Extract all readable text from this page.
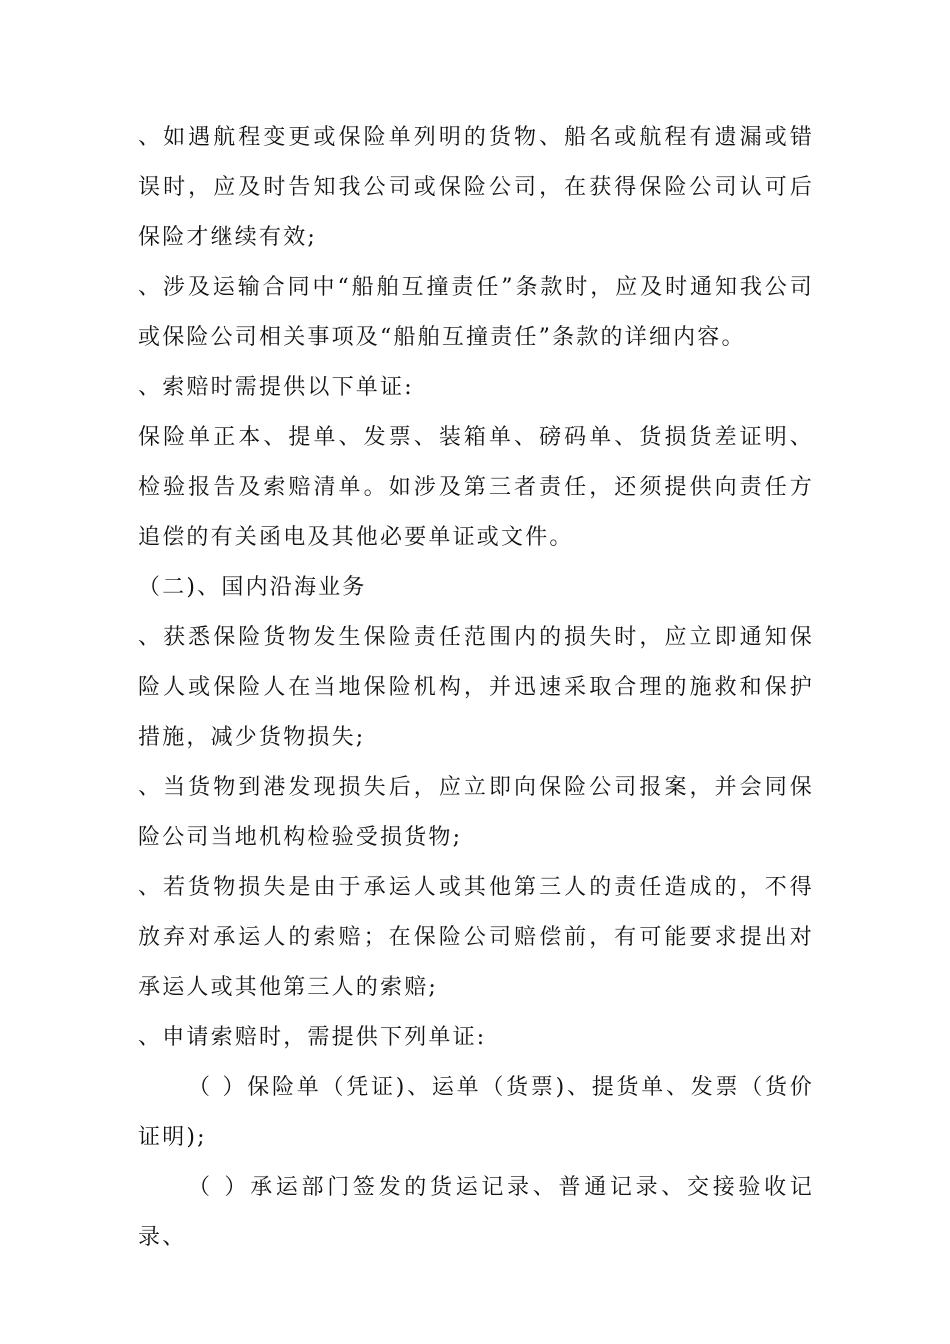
、如遇航程变更或保险单列明的货物、船名或航程有遗漏或错误时，应及时告知我公司或保险公司，在获得保险公司认可后保险才继续有效;

、涉及运输合同中“船舶互撞责任”条款时，应及时通知我公司或保险公司相关事项及“船舶互撞责任”条款的详细内容。

、索赔时需提供以下单证:

保险单正本、提单、发票、装箱单、磅码单、货损货差证明、检验报告及索赔清单。如涉及第三者责任，还须提供向责任方追偿的有关函电及其他必要单证或文件。

（二)、国内沿海业务

、获悉保险货物发生保险责任范围内的损失时，应立即通知保险人或保险人在当地保险机构，并迅速采取合理的施救和保护措施，减少货物损失;

、当货物到港发现损失后，应立即向保险公司报案，并会同保险公司当地机构检验受损货物;

、若货物损失是由于承运人或其他第三人的责任造成的，不得放弃对承运人的索赔；在保险公司赔偿前，有可能要求提出对承运人或其他第三人的索赔;

、申请索赔时，需提供下列单证:

（ ）保险单（凭证)、运单（货票)、提货单、发票（货价证明);

（ ）承运部门签发的货运记录、普通记录、交接验收记录、
